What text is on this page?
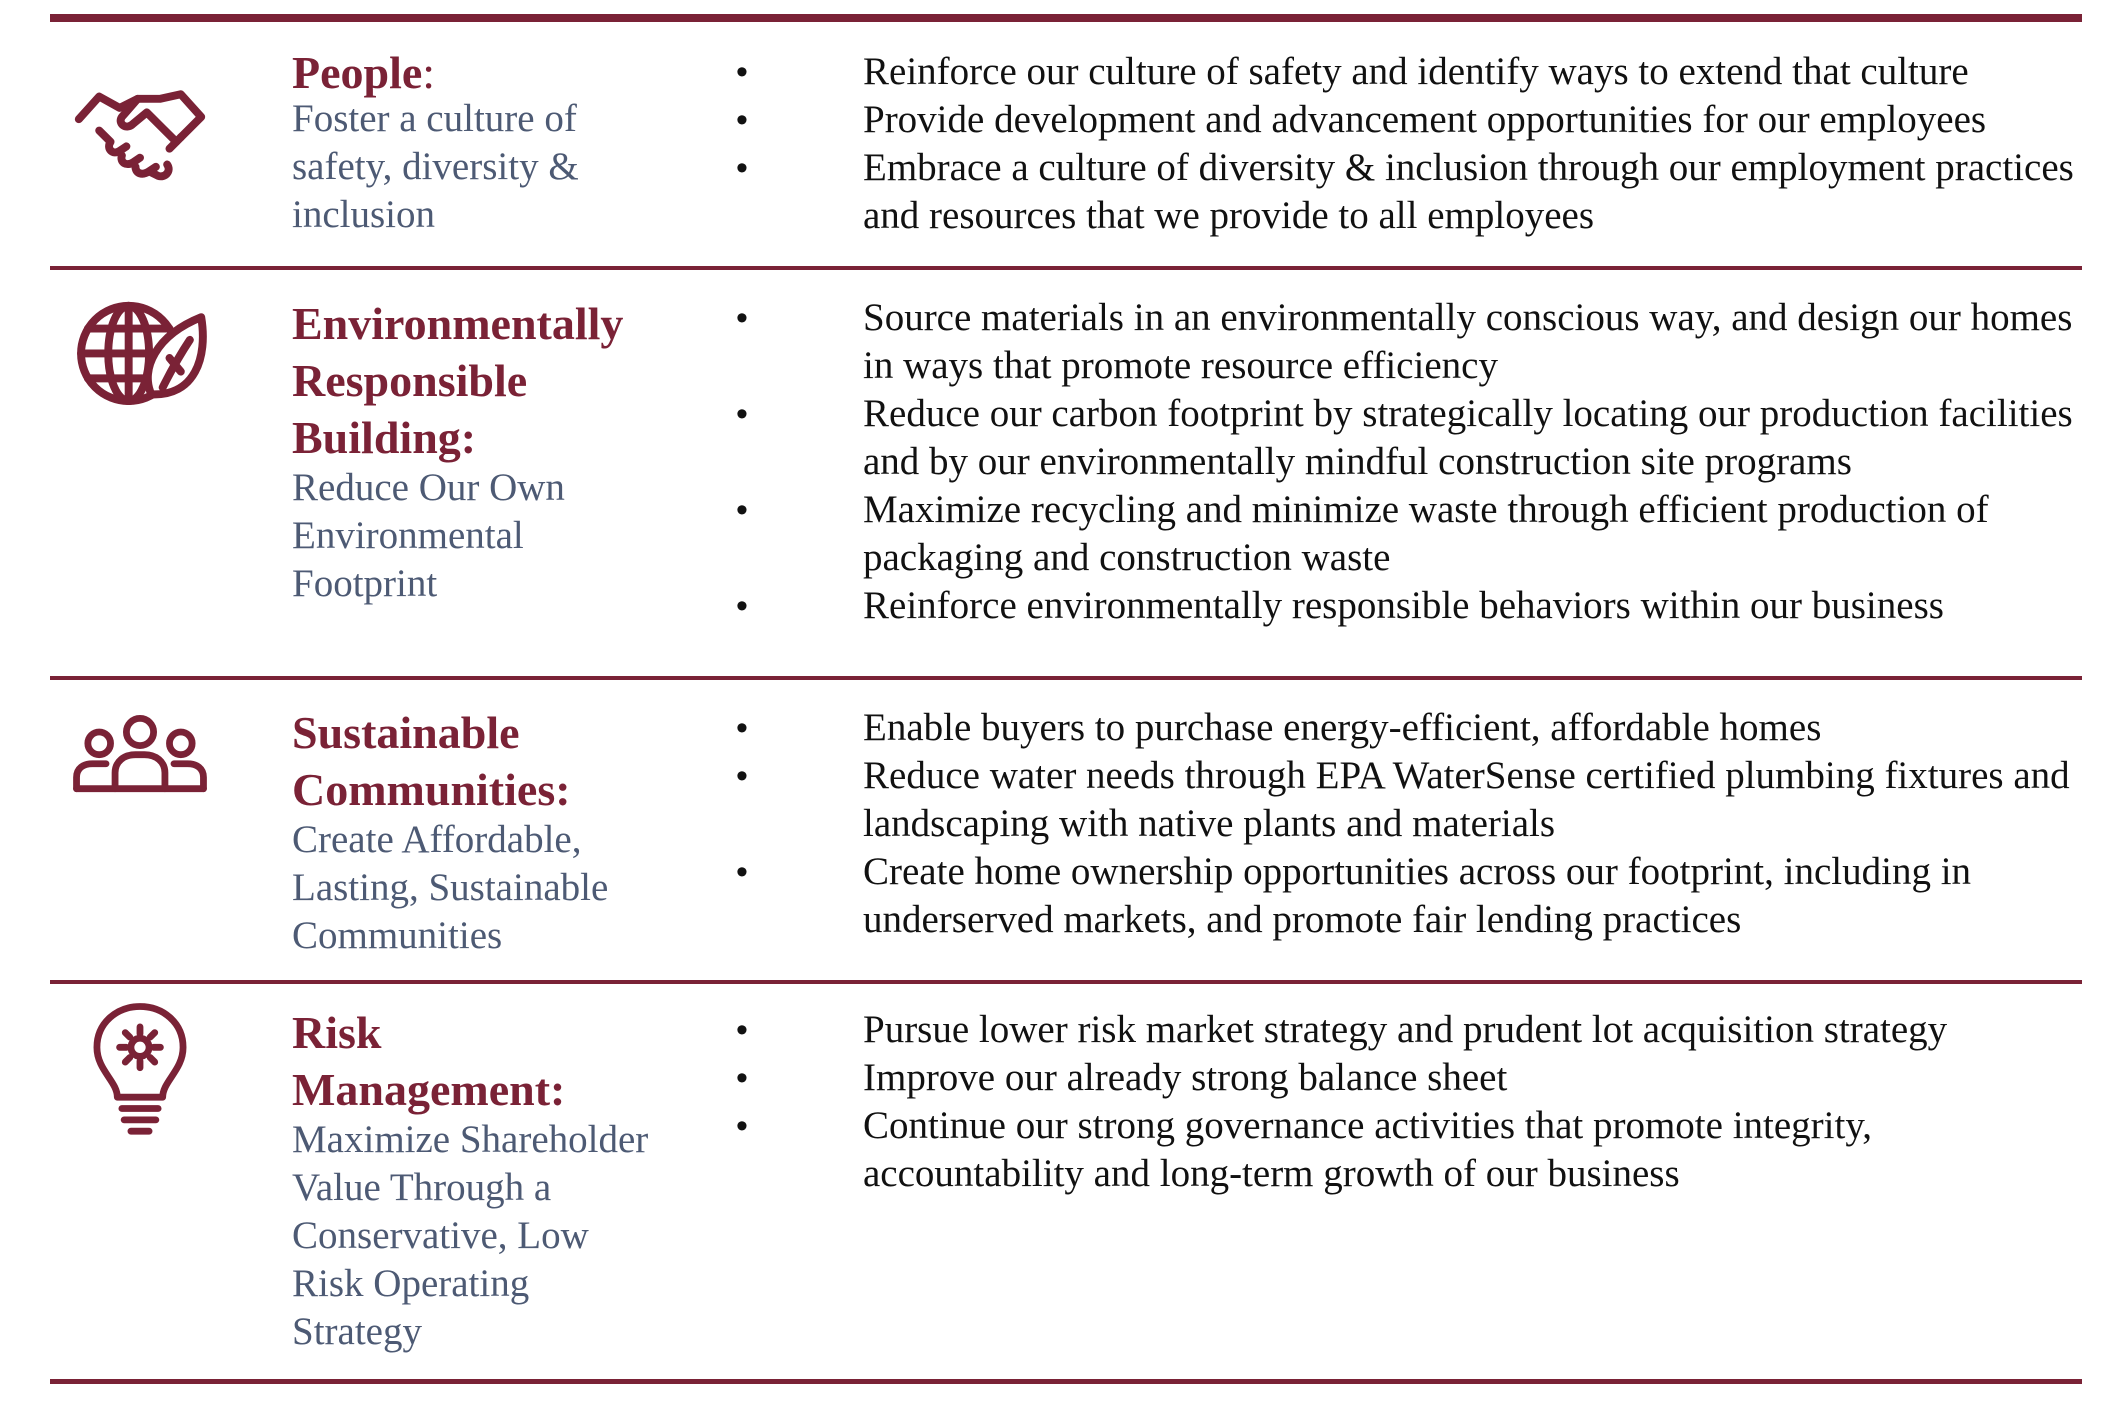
People:

Foster a culture of
safety, diversity &
inclusion

• Reinforce our culture of safety and identify ways to extend that culture
• Provide development and advancement opportunities for our employees
• Embrace a culture of diversity & inclusion through our employment practices and resources that we provide to all employees

Environmentally
Responsible
Building:

Reduce Our Own
Environmental
Footprint

• Source materials in an environmentally conscious way, and design our homes in ways that promote resource efficiency
• Reduce our carbon footprint by strategically locating our production facilities and by our environmentally mindful construction site programs
• Maximize recycling and minimize waste through efficient production of packaging and construction waste
• Reinforce environmentally responsible behaviors within our business

Sustainable
Communities:

Create Affordable,
Lasting, Sustainable
Communities

• Enable buyers to purchase energy-efficient, affordable homes
• Reduce water needs through EPA WaterSense certified plumbing fixtures and landscaping with native plants and materials
• Create home ownership opportunities across our footprint, including in underserved markets, and promote fair lending practices

Risk
Management:

Maximize Shareholder
Value Through a
Conservative, Low
Risk Operating
Strategy

• Pursue lower risk market strategy and prudent lot acquisition strategy
• Improve our already strong balance sheet
• Continue our strong governance activities that promote integrity, accountability and long-term growth of our business
